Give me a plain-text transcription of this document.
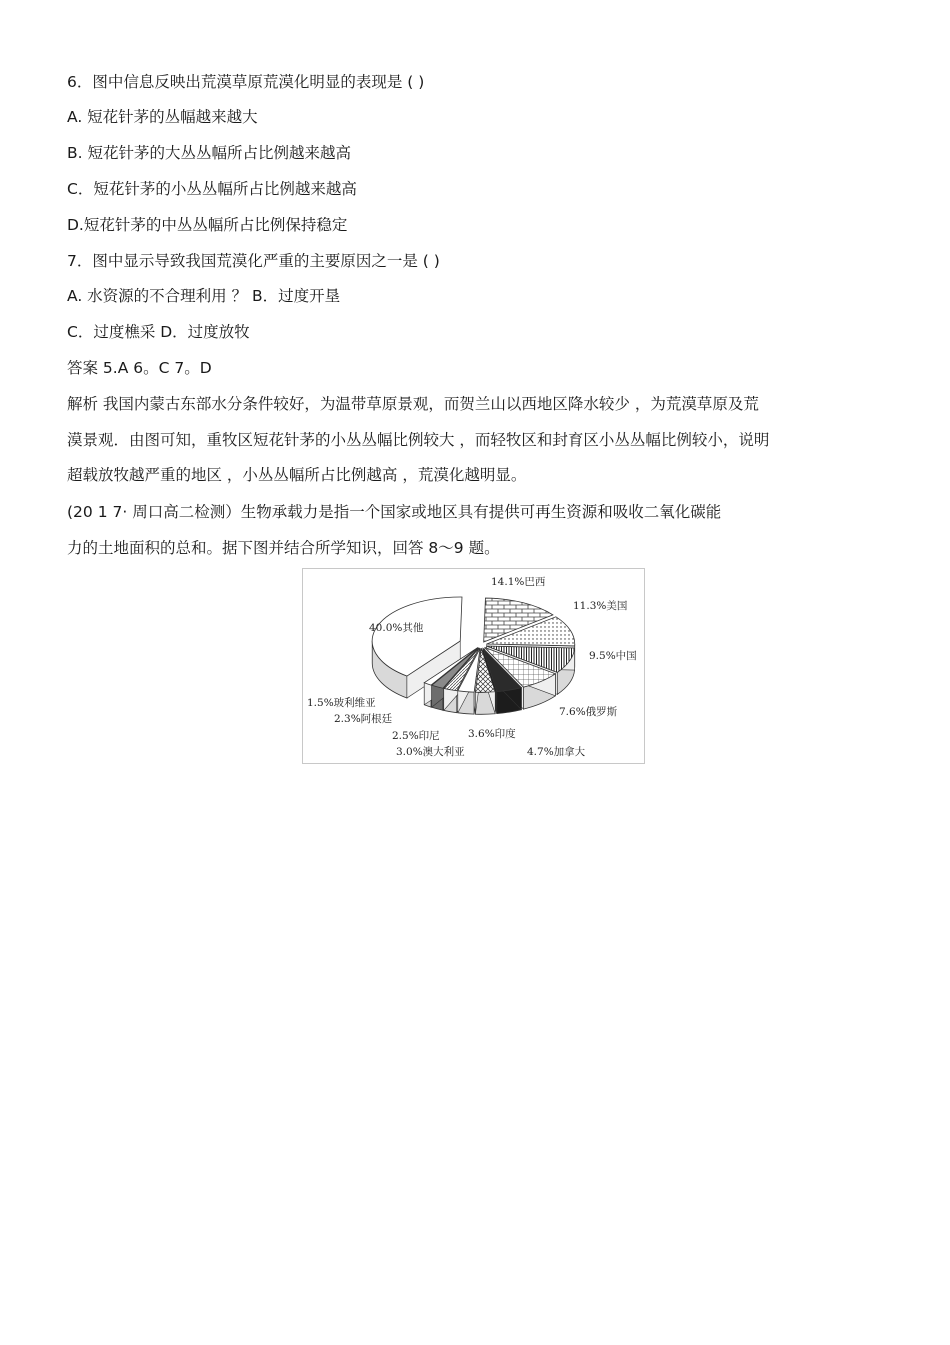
6．图中信息反映出荒漠草原荒漠化明显的表现是 ( )
A. 短花针茅的丛幅越来越大
B. 短花针茅的大丛丛幅所占比例越来越高
C．短花针茅的小丛丛幅所占比例越来越高
D.短花针茅的中丛丛幅所占比例保持稳定
7．图中显示导致我国荒漠化严重的主要原因之一是 ( )
A. 水资源的不合理利用 ？ B．过度开垦
C．过度樵采 D．过度放牧
答案 5.A 6。C 7。D
解析 我国内蒙古东部水分条件较好，为温带草原景观，而贺兰山以西地区降水较少 ，为荒漠草原及荒
漠景观．由图可知，重牧区短花针茅的小丛丛幅比例较大 ，而轻牧区和封育区小丛丛幅比例较小，说明
超载放牧越严重的地区 ，小丛丛幅所占比例越高 ，荒漠化越明显。
(20 1 7· 周口高二检测）生物承载力是指一个国家或地区具有提供可再生资源和吸收二氧化碳能
力的土地面积的总和。据下图并结合所学知识，回答 8～9 题。
14.1%巴西
11.3%美国
9.5%中国
7.6%俄罗斯
4.7%加拿大
3.6%印度
3.0%澳大利亚
2.5%印尼
2.3%阿根廷
1.5%玻利维亚
40.0%其他
